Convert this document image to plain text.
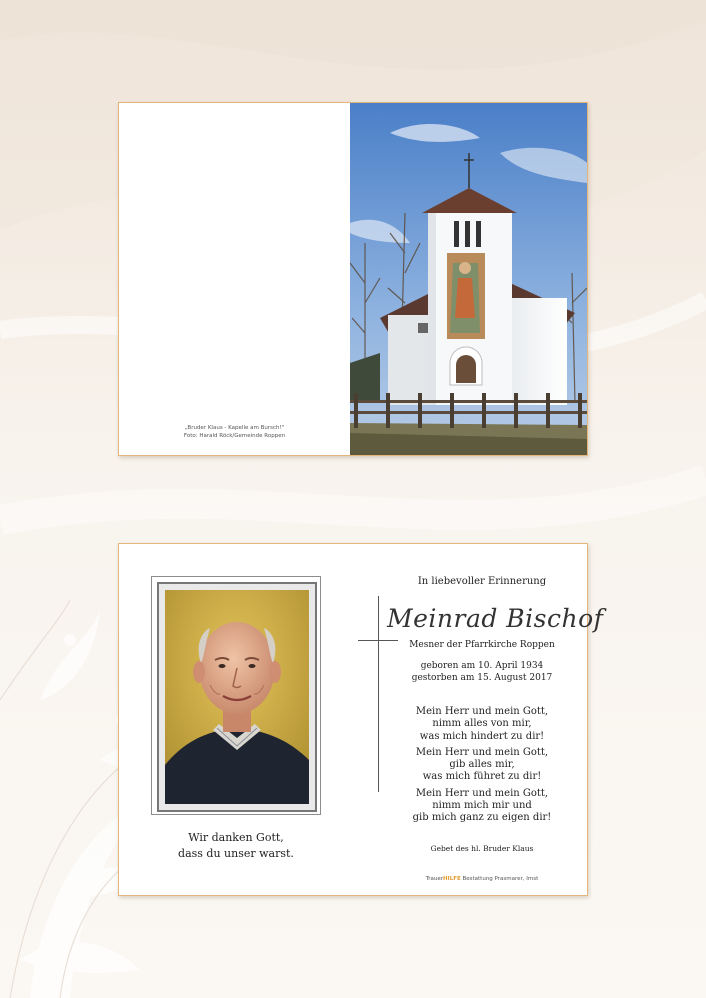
„Bruder Klaus - Kapelle am Bursch!"
Foto: Harald Röck/Gemeinde Roppen
Wir danken Gott,
dass du unser warst.
In liebevoller Erinnerung
Meinrad Bischof
Mesner der Pfarrkirche Roppen
geboren am 10. April 1934
gestorben am 15. August 2017
Mein Herr und mein Gott,
nimm alles von mir,
was mich hindert zu dir!
Mein Herr und mein Gott,
gib alles mir,
was mich führet zu dir!
Mein Herr und mein Gott,
nimm mich mir und
gib mich ganz zu eigen dir!
Gebet des hl. Bruder Klaus
TrauerHILFE Bestattung Prasmarer, Imst
